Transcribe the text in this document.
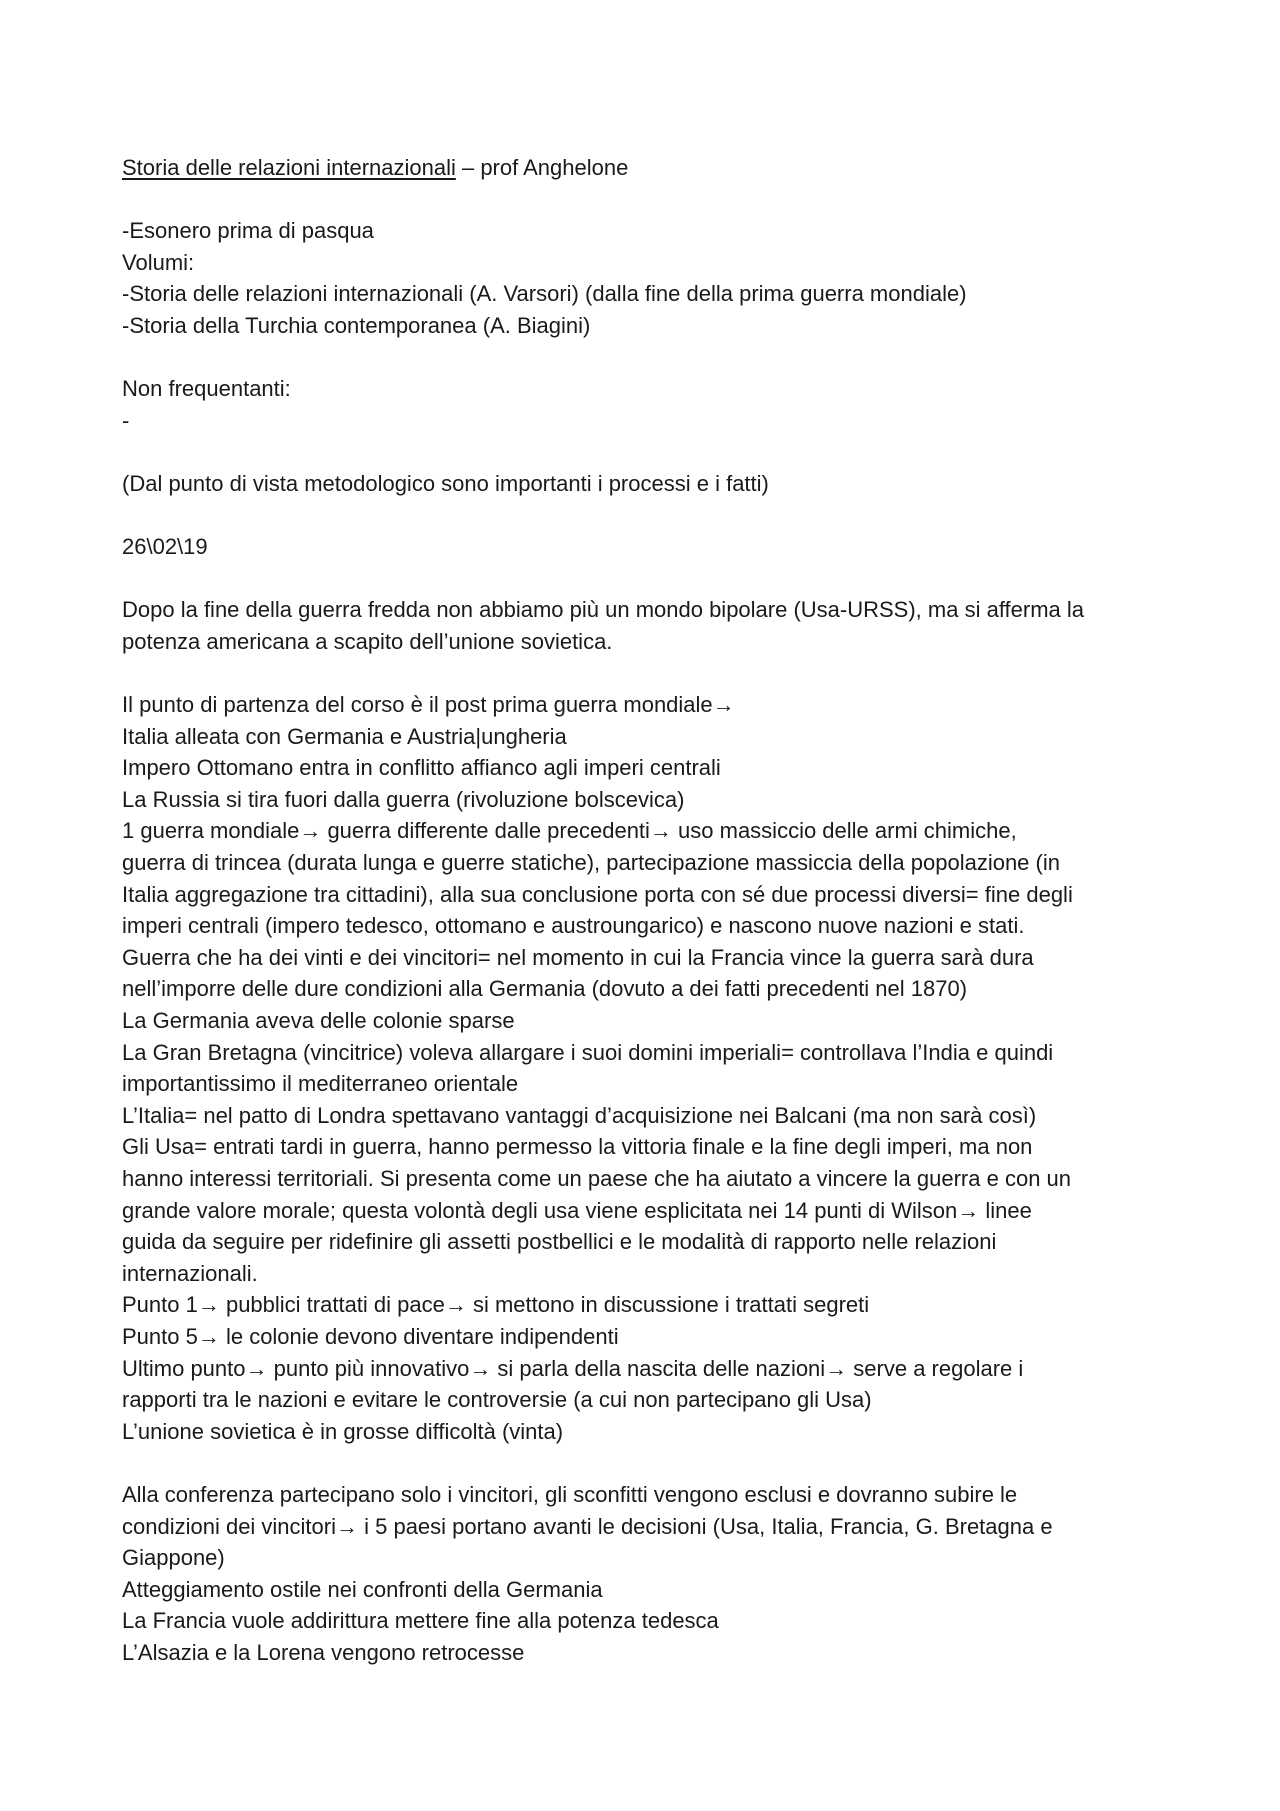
Storia delle relazioni internazionali – prof Anghelone
-Esonero prima di pasqua
Volumi:
-Storia delle relazioni internazionali (A. Varsori) (dalla fine della prima guerra mondiale)
-Storia della Turchia contemporanea (A. Biagini)
Non frequentanti:
-
(Dal punto di vista metodologico sono importanti i processi e i fatti)
26\02\19
Dopo la fine della guerra fredda non abbiamo più un mondo bipolare (Usa-URSS), ma si afferma la
potenza americana a scapito dell’unione sovietica.
Il punto di partenza del corso è il post prima guerra mondiale→
Italia alleata con Germania e Austria|ungheria
Impero Ottomano entra in conflitto affianco agli imperi centrali
La Russia si tira fuori dalla guerra (rivoluzione bolscevica)
1 guerra mondiale→ guerra differente dalle precedenti→ uso massiccio delle armi chimiche,
guerra di trincea (durata lunga e guerre statiche), partecipazione massiccia della popolazione (in
Italia aggregazione tra cittadini), alla sua conclusione porta con sé due processi diversi= fine degli
imperi centrali (impero tedesco, ottomano e austroungarico) e nascono nuove nazioni e stati.
Guerra che ha dei vinti e dei vincitori= nel momento in cui la Francia vince la guerra sarà dura
nell’imporre delle dure condizioni alla Germania (dovuto a dei fatti precedenti nel 1870)
La Germania aveva delle colonie sparse
La Gran Bretagna (vincitrice) voleva allargare i suoi domini imperiali= controllava l’India e quindi
importantissimo il mediterraneo orientale
L’Italia= nel patto di Londra spettavano vantaggi d’acquisizione nei Balcani (ma non sarà così)
Gli Usa= entrati tardi in guerra, hanno permesso la vittoria finale e la fine degli imperi, ma non
hanno interessi territoriali. Si presenta come un paese che ha aiutato a vincere la guerra e con un
grande valore morale; questa volontà degli usa viene esplicitata nei 14 punti di Wilson→ linee
guida da seguire per ridefinire gli assetti postbellici e le modalità di rapporto nelle relazioni
internazionali.
Punto 1→ pubblici trattati di pace→ si mettono in discussione i trattati segreti
Punto 5→ le colonie devono diventare indipendenti
Ultimo punto→ punto più innovativo→ si parla della nascita delle nazioni→ serve a regolare i
rapporti tra le nazioni e evitare le controversie (a cui non partecipano gli Usa)
L’unione sovietica è in grosse difficoltà (vinta)
Alla conferenza partecipano solo i vincitori, gli sconfitti vengono esclusi e dovranno subire le
condizioni dei vincitori→ i 5 paesi portano avanti le decisioni (Usa, Italia, Francia, G. Bretagna e
Giappone)
Atteggiamento ostile nei confronti della Germania
La Francia vuole addirittura mettere fine alla potenza tedesca
L’Alsazia e la Lorena vengono retrocesse
